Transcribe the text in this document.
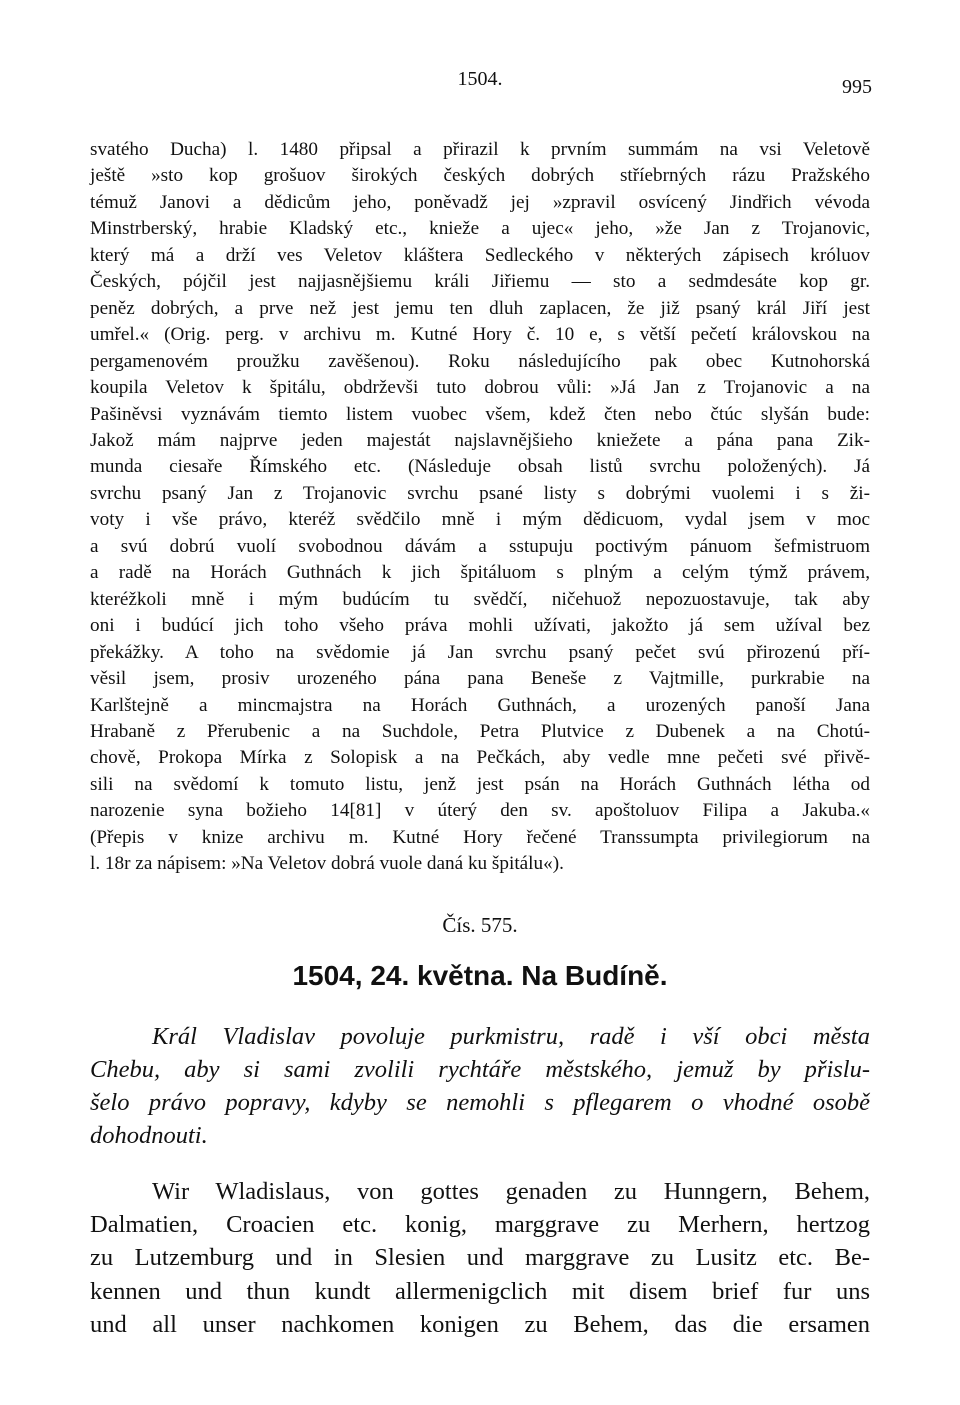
1504.	995
svatého Ducha) l. 1480 připsal a přirazil k prvním summám na vsi Veletově
ještě »sto kop grošuov širokých českých dobrých stříebrných rázu Pražského
témuž Janovi a dědicům jeho, poněvadž jej »zpravil osvícený Jindřich vévoda
Minstrberský, hrabie Kladský etc., knieže a ujec« jeho, »že Jan z Trojanovic,
který má a drží ves Veletov kláštera Sedleckého v některých zápisech króluov
Českých, pójčil jest najjasnějšiemu králi Jiřiemu — sto a sedmdesáte kop gr.
peněz dobrých, a prve než jest jemu ten dluh zaplacen, že již psaný král Jiří jest
umřel.« (Orig. perg. v archivu m. Kutné Hory č. 10 e, s větší pečetí královskou na
pergamenovém proužku zavěšenou). Roku následujícího pak obec Kutnohorská
koupila Veletov k špitálu, obdrževši tuto dobrou vůli: »Já Jan z Trojanovic a na
Pašiněvsi vyznávám tiemto listem vuobec všem, kdež čten nebo čtúc slyšán bude:
Jakož mám najprve jeden majestát najslavnějšieho kniežete a pána pana Zik-
munda ciesaře Římského etc. (Následuje obsah listů svrchu položených). Já
svrchu psaný Jan z Trojanovic svrchu psané listy s dobrými vuolemi i s ži-
voty i vše právo, kteréž svědčilo mně i mým dědicuom, vydal jsem v moc
a svú dobrú vuolí svobodnou dávám a sstupuju poctivým pánuom šefmistruom
a radě na Horách Guthnách k jich špitáluom s plným a celým týmž právem,
kteréžkoli mně i mým budúcím tu svědčí, ničehuož nepozuostavuje, tak aby
oni i budúcí jich toho všeho práva mohli užívati, jakožto já sem užíval bez
překážky. A toho na svědomie já Jan svrchu psaný pečet svú přirozenú pří-
věsil jsem, prosiv urozeného pána pana Beneše z Vajtmille, purkrabie na
Karlštejně a mincmajstra na Horách Guthnách, a urozených panoší Jana
Hrabaně z Přerubenic a na Suchdole, Petra Plutvice z Dubenek a na Chotú-
chově, Prokopa Mírka z Solopisk a na Pečkách, aby vedle mne pečeti své přivě-
sili na svědomí k tomuto listu, jenž jest psán na Horách Guthnách létha od
narozenie syna božieho 14[81] v úterý den sv. apoštoluov Filipa a Jakuba.«
(Přepis v knize archivu m. Kutné Hory řečené Transsumpta privilegiorum na
l. 18r za nápisem: »Na Veletov dobrá vuole daná ku špitálu«).
Čís. 575.
1504, 24. května. Na Budíně.
Král Vladislav povoluje purkmistru, radě i vší obci města
Chebu, aby si sami zvolili rychtáře městského, jemuž by přislu-
šelo právo popravy, kdyby se nemohli s pflegarem o vhodné osobě
dohodnouti.
Wir Wladislaus, von gottes genaden zu Hunngern, Behem,
Dalmatien, Croacien etc. konig, marggrave zu Merhern, hertzog
zu Lutzemburg und in Slesien und marggrave zu Lusitz etc. Be-
kennen und thun kundt allermenigclich mit disem brief fur uns
und all unser nachkomen konigen zu Behem, das die ersamen
